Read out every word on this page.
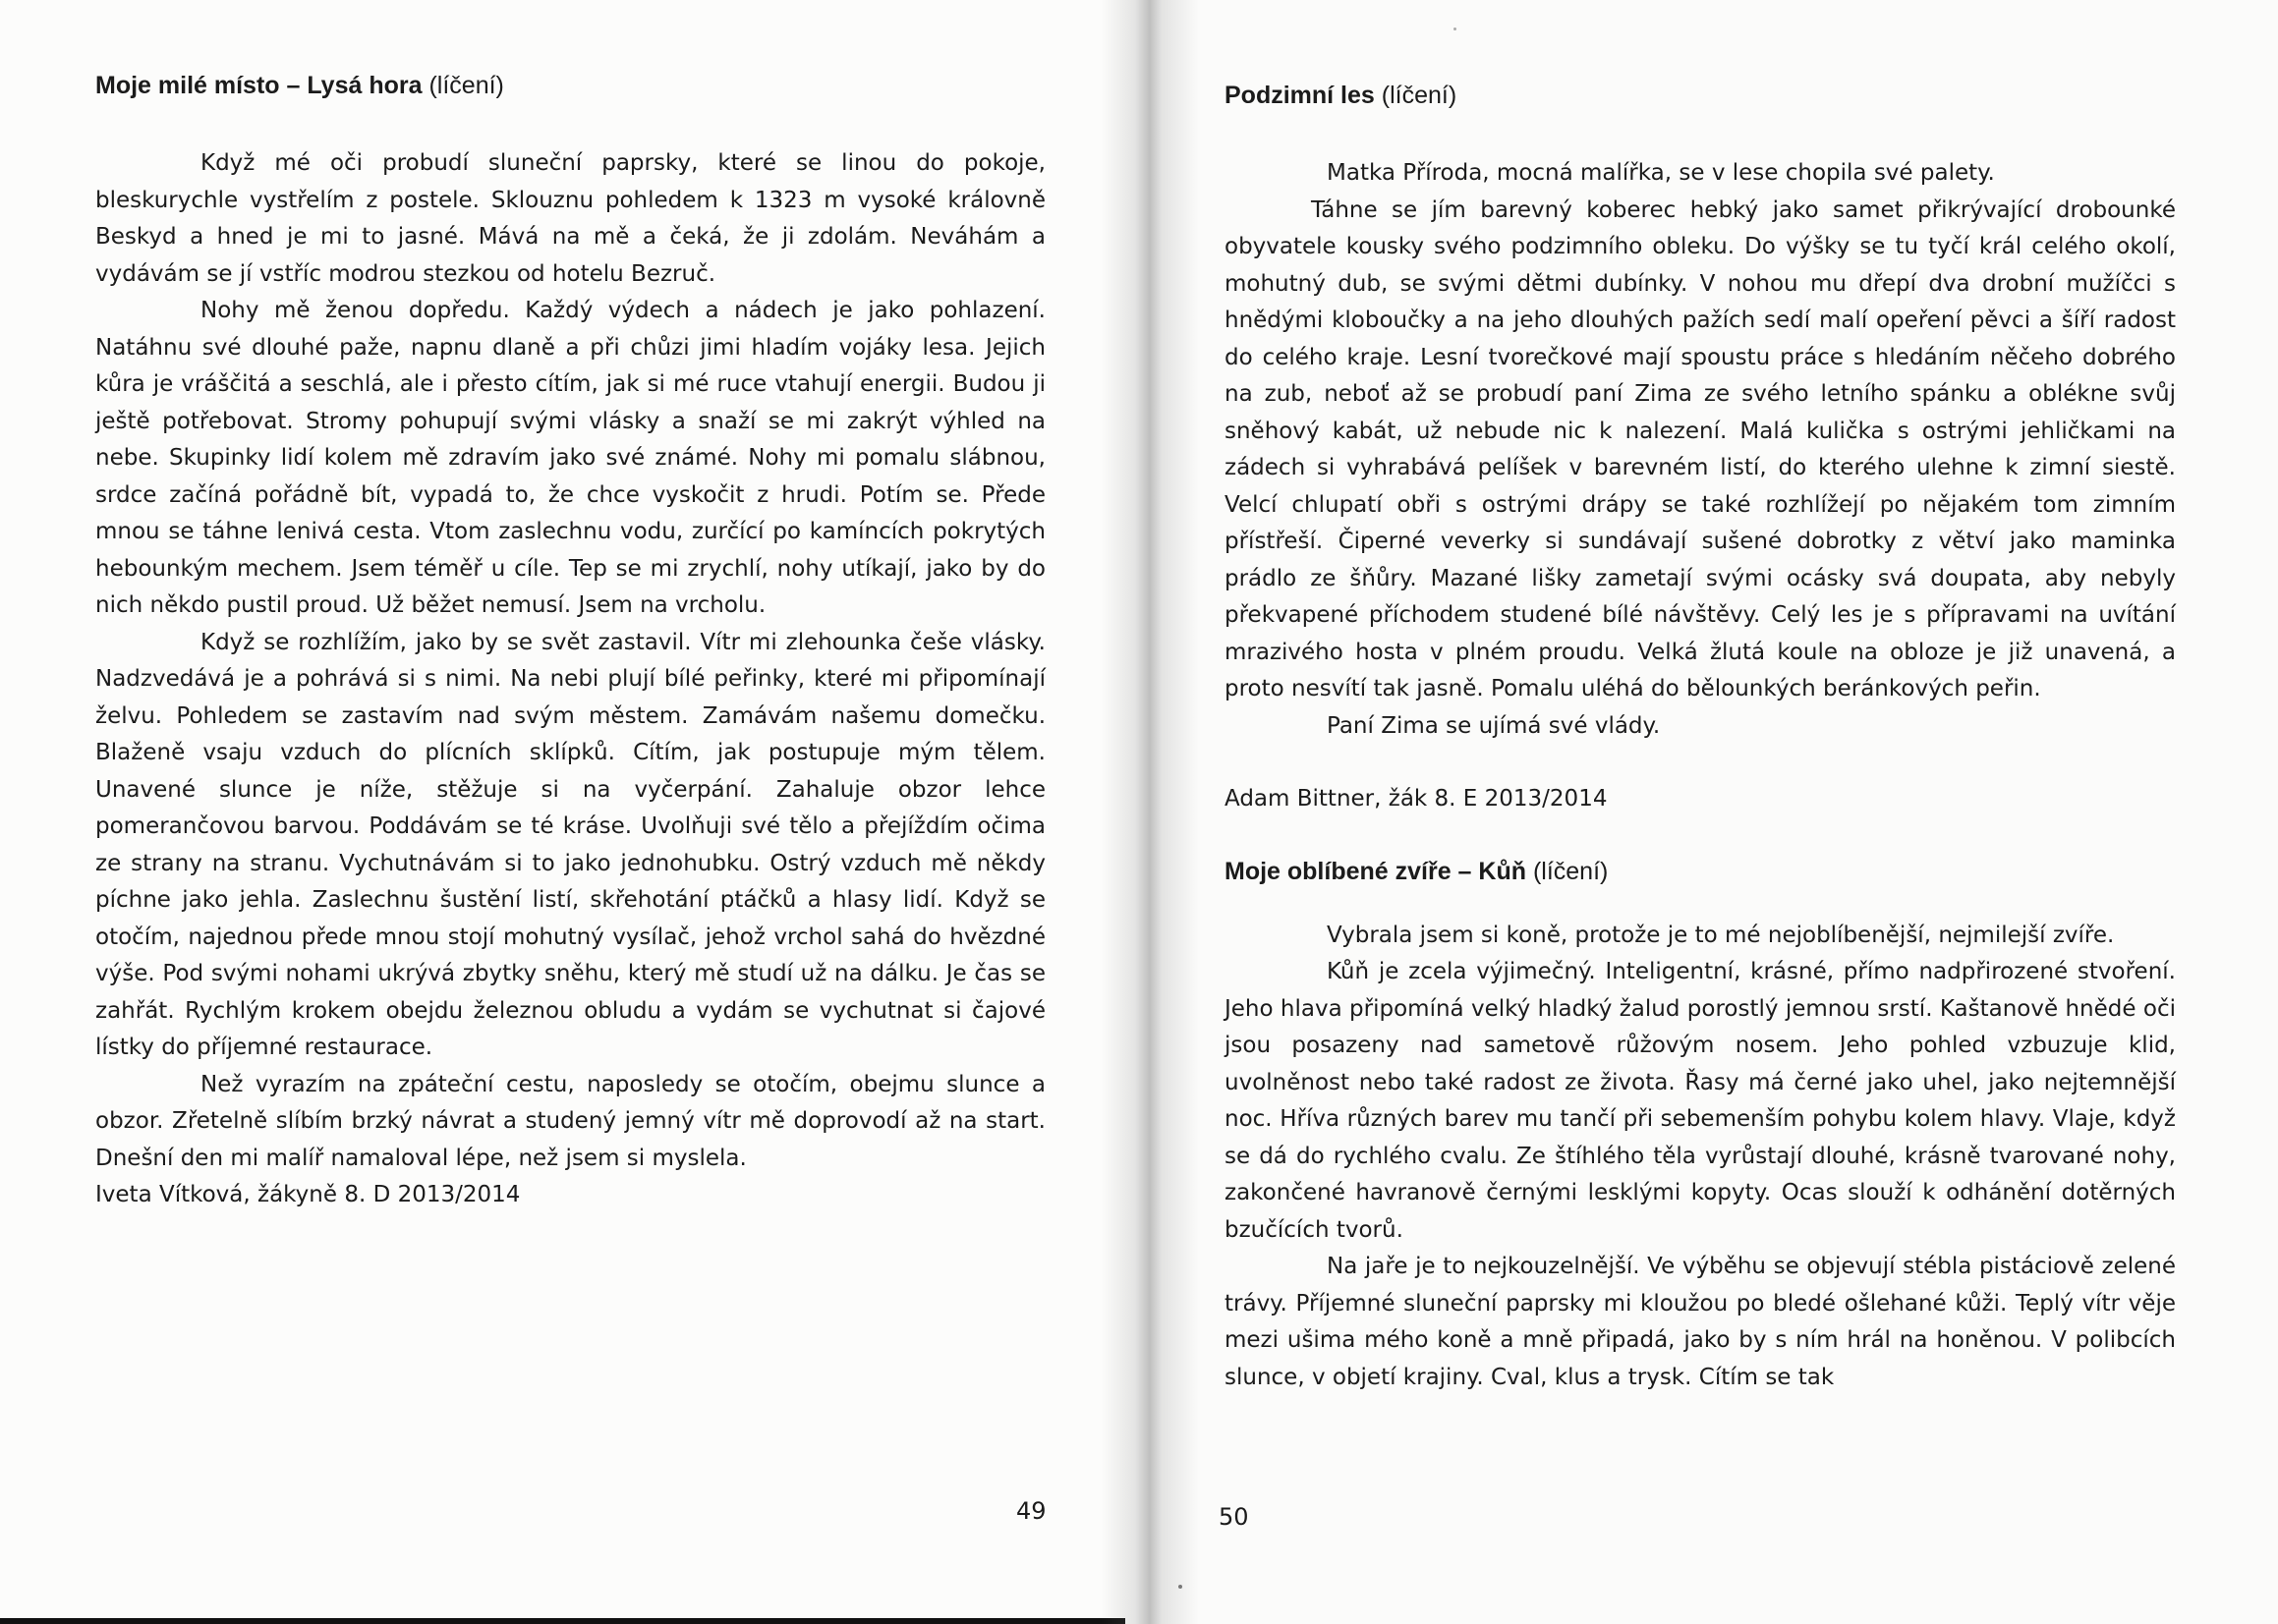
Moje milé místo – Lysá hora (líčení)

Když mé oči probudí sluneční paprsky, které se linou do pokoje, bleskurychle vystřelím z postele. Sklouznu pohledem k 1323 m vysoké královně Beskyd a hned je mi to jasné. Mává na mě a čeká, že ji zdolám. Neváhám a vydávám se jí vstříc modrou stezkou od hotelu Bezruč.

Nohy mě ženou dopředu. Každý výdech a nádech je jako pohlazení. Natáhnu své dlouhé paže, napnu dlaně a při chůzi jimi hladím vojáky lesa. Jejich kůra je vráščitá a seschlá, ale i přesto cítím, jak si mé ruce vtahují energii. Budou ji ještě potřebovat. Stromy pohupují svými vlásky a snaží se mi zakrýt výhled na nebe. Skupinky lidí kolem mě zdravím jako své známé. Nohy mi pomalu slábnou, srdce začíná pořádně bít, vypadá to, že chce vyskočit z hrudi. Potím se. Přede mnou se táhne lenivá cesta. Vtom zaslechnu vodu, zurčící po kamíncích pokrytých hebounkým mechem. Jsem téměř u cíle. Tep se mi zrychlí, nohy utíkají, jako by do nich někdo pustil proud. Už běžet nemusí. Jsem na vrcholu.

Když se rozhlížím, jako by se svět zastavil. Vítr mi zlehounka češe vlásky. Nadzvedává je a pohrává si s nimi. Na nebi plují bílé peřinky, které mi připomínají želvu. Pohledem se zastavím nad svým městem. Zamávám našemu domečku. Blaženě vsaju vzduch do plícních sklípků. Cítím, jak postupuje mým tělem. Unavené slunce je níže, stěžuje si na vyčerpání. Zahaluje obzor lehce pomerančovou barvou. Poddávám se té kráse. Uvolňuji své tělo a přejíždím očima ze strany na stranu. Vychutnávám si to jako jednohubku. Ostrý vzduch mě někdy píchne jako jehla. Zaslechnu šustění listí, skřehotání ptáčků a hlasy lidí. Když se otočím, najednou přede mnou stojí mohutný vysílač, jehož vrchol sahá do hvězdné výše. Pod svými nohami ukrývá zbytky sněhu, který mě studí už na dálku. Je čas se zahřát. Rychlým krokem obejdu železnou obludu a vydám se vychutnat si čajové lístky do příjemné restaurace.

Než vyrazím na zpáteční cestu, naposledy se otočím, obejmu slunce a obzor. Zřetelně slíbím brzký návrat a studený jemný vítr mě doprovodí až na start. Dnešní den mi malíř namaloval lépe, než jsem si myslela.

Iveta Vítková, žákyně 8. D 2013/2014

49
Podzimní les (líčení)

Matka Příroda, mocná malířka, se v lese chopila své palety.

Táhne se jím barevný koberec hebký jako samet přikrývající drobounké obyvatele kousky svého podzimního obleku. Do výšky se tu tyčí král celého okolí, mohutný dub, se svými dětmi dubínky. V nohou mu dřepí dva drobní mužíčci s hnědými kloboučky a na jeho dlouhých pažích sedí malí opeření pěvci a šíří radost do celého kraje. Lesní tvorečkové mají spoustu práce s hledáním něčeho dobrého na zub, neboť až se probudí paní Zima ze svého letního spánku a oblékne svůj sněhový kabát, už nebude nic k nalezení. Malá kulička s ostrými jehličkami na zádech si vyhrabává pelíšek v barevném listí, do kterého ulehne k zimní siestě. Velcí chlupatí obři s ostrými drápy se také rozhlížejí po nějakém tom zimním přístřeší. Čiperné veverky si sundávají sušené dobrotky z větví jako maminka prádlo ze šňůry. Mazané lišky zametají svými ocásky svá doupata, aby nebyly překvapené příchodem studené bílé návštěvy. Celý les je s přípravami na uvítání mrazivého hosta v plném proudu. Velká žlutá koule na obloze je již unavená, a proto nesvítí tak jasně. Pomalu uléhá do bělounkých beránkových peřin.

Paní Zima se ujímá své vlády.

Adam Bittner, žák 8. E 2013/2014

Moje oblíbené zvíře – Kůň (líčení)

Vybrala jsem si koně, protože je to mé nejoblíbenější, nejmilejší zvíře.

Kůň je zcela výjimečný. Inteligentní, krásné, přímo nadpřirozené stvoření. Jeho hlava připomíná velký hladký žalud porostlý jemnou srstí. Kaštanově hnědé oči jsou posazeny nad sametově růžovým nosem. Jeho pohled vzbuzuje klid, uvolněnost nebo také radost ze života. Řasy má černé jako uhel, jako nejtemnější noc. Hříva různých barev mu tančí při sebemenším pohybu kolem hlavy. Vlaje, když se dá do rychlého cvalu. Ze štíhlého těla vyrůstají dlouhé, krásně tvarované nohy, zakončené havranově černými lesklými kopyty. Ocas slouží k odhánění dotěrných bzučících tvorů.

Na jaře je to nejkouzelnější. Ve výběhu se objevují stébla pistáciově zelené trávy. Příjemné sluneční paprsky mi kloužou po bledé ošlehané kůži. Teplý vítr věje mezi ušima mého koně a mně připadá, jako by s ním hrál na honěnou. V polibcích slunce, v objetí krajiny. Cval, klus a trysk. Cítím se tak

50
